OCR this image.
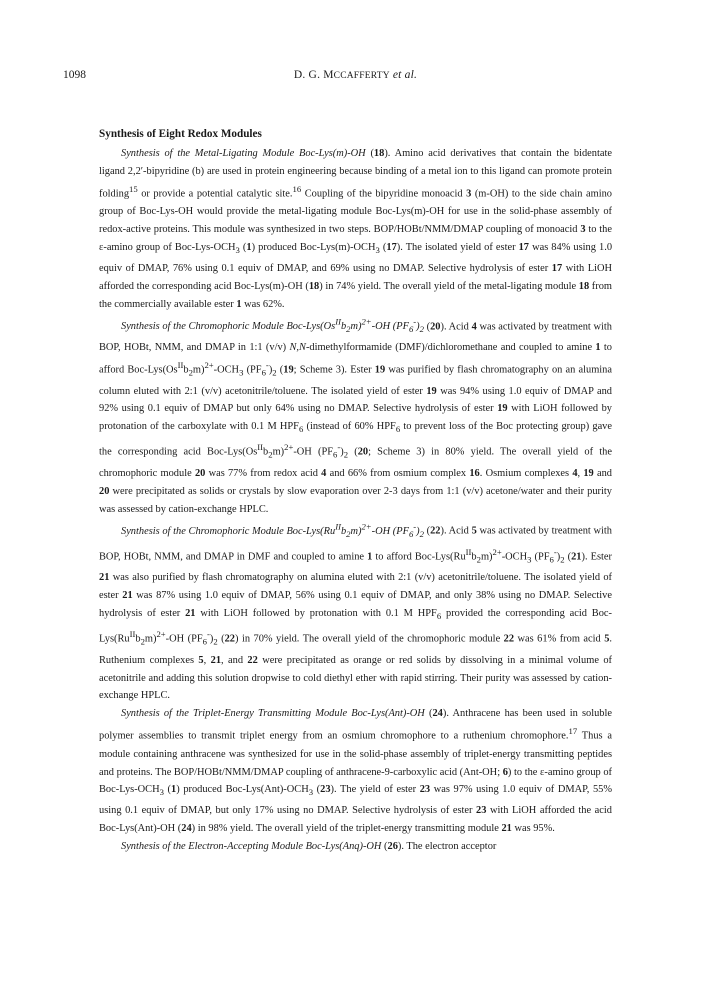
1098	D. G. MCCAFFERTY et al.
Synthesis of Eight Redox Modules

Synthesis of the Metal-Ligating Module Boc-Lys(m)-OH (18). Amino acid derivatives that contain the bidentate ligand 2,2′-bipyridine (b) are used in protein engineering because binding of a metal ion to this ligand can promote protein folding$^{15}$ or provide a potential catalytic site.$^{16}$ Coupling of the bipyridine monoacid 3 (m-OH) to the side chain amino group of Boc-Lys-OH would provide the metal-ligating module Boc-Lys(m)-OH for use in the solid-phase assembly of redox-active proteins. This module was synthesized in two steps. BOP/HOBt/NMM/DMAP coupling of monoacid 3 to the ε-amino group of Boc-$Lys-OCH_3$ (1) produced Boc-$Lys(m)-OCH_3$ (17). The isolated yield of ester 17 was 84% using 1.0 equiv of DMAP, 76% using 0.1 equiv of DMAP, and 69% using no DMAP. Selective hydrolysis of ester 17 with LiOH afforded the corresponding acid Boc-Lys(m)-OH (18) in 74% yield. The overall yield of the metal-ligating module 18 from the commercially available ester 1 was 62%.

Synthesis of the Chromophoric Module Boc-$Lys(Os^{II}b_2m)^{2+}-OH$ $(PF_6^-)_2$ (20). Acid 4 was activated by treatment with BOP, HOBt, NMM, and DMAP in 1:1 (v/v) N,N-dimethylformamide (DMF)/dichloromethane and coupled to amine 1 to afford Boc-$Lys(Os^{II}b_2m)^{2+}-OCH_3$ $(PF_6^-)_2$ (19; Scheme 3). Ester 19 was purified by flash chromatography on an alumina column eluted with 2:1 (v/v) acetonitrile/toluene. The isolated yield of ester 19 was 94% using 1.0 equiv of DMAP and 92% using 0.1 equiv of DMAP but only 64% using no DMAP. Selective hydrolysis of ester 19 with LiOH followed by protonation of the carboxylate with 0.1 M $HPF_6$ (instead of 60% $HPF_6$ to prevent loss of the Boc protecting group) gave the corresponding acid Boc-$Lys(Os^{II}b_2m)^{2+}-OH$ $(PF_6^-)_2$ (20; Scheme 3) in 80% yield. The overall yield of the chromophoric module 20 was 77% from redox acid 4 and 66% from osmium complex 16. Osmium complexes 4, 19 and 20 were precipitated as solids or crystals by slow evaporation over 2-3 days from 1:1 (v/v) acetone/water and their purity was assessed by cation-exchange HPLC.

Synthesis of the Chromophoric Module Boc-$Lys(Ru^{II}b_2m)^{2+}-OH$ $(PF_6^-)_2$ (22). Acid 5 was activated by treatment with BOP, HOBt, NMM, and DMAP in DMF and coupled to amine 1 to afford Boc-$Lys(Ru^{II}b_2m)^{2+}-OCH_3$ $(PF_6^-)_2$ (21). Ester 21 was also purified by flash chromatography on alumina eluted with 2:1 (v/v) acetonitrile/toluene. The isolated yield of ester 21 was 87% using 1.0 equiv of DMAP, 56% using 0.1 equiv of DMAP, and only 38% using no DMAP. Selective hydrolysis of ester 21 with LiOH followed by protonation with 0.1 M $HPF_6$ provided the corresponding acid Boc-$Lys(Ru^{II}b_2m)^{2+}-OH$ $(PF_6^-)_2$ (22) in 70% yield. The overall yield of the chromophoric module 22 was 61% from acid 5. Ruthenium complexes 5, 21, and 22 were precipitated as orange or red solids by dissolving in a minimal volume of acetonitrile and adding this solution dropwise to cold diethyl ether with rapid stirring. Their purity was assessed by cation-exchange HPLC.

Synthesis of the Triplet-Energy Transmitting Module Boc-Lys(Ant)-OH (24). Anthracene has been used in soluble polymer assemblies to transmit triplet energy from an osmium chromophore to a ruthenium chromophore.$^{17}$ Thus a module containing anthracene was synthesized for use in the solid-phase assembly of triplet-energy transmitting peptides and proteins. The BOP/HOBt/NMM/DMAP coupling of anthracene-9-carboxylic acid (Ant-OH; 6) to the ε-amino group of Boc-$Lys-OCH_3$ (1) produced Boc-$Lys(Ant)-OCH_3$ (23). The yield of ester 23 was 97% using 1.0 equiv of DMAP, 55% using 0.1 equiv of DMAP, but only 17% using no DMAP. Selective hydrolysis of ester 23 with LiOH afforded the acid Boc-Lys(Ant)-OH (24) in 98% yield. The overall yield of the triplet-energy transmitting module 21 was 95%.

Synthesis of the Electron-Accepting Module Boc-Lys(Anq)-OH (26). The electron acceptor
